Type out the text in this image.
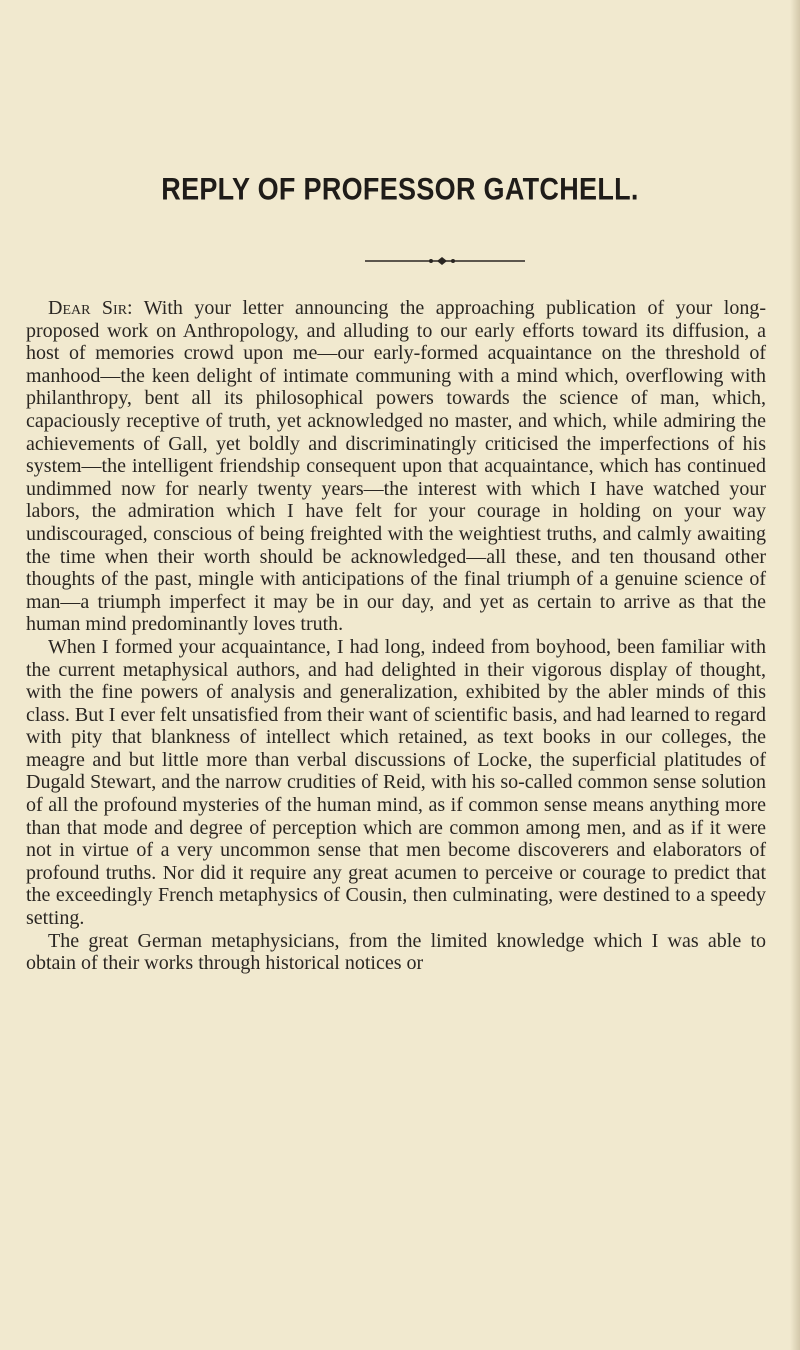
REPLY OF PROFESSOR GATCHELL.

Dear Sir: With your letter announcing the approaching publication of your long-proposed work on Anthropology, and alluding to our early efforts toward its diffusion, a host of memories crowd upon me—our early-formed acquaintance on the threshold of manhood—the keen delight of intimate communing with a mind which, overflowing with philanthropy, bent all its philosophical powers towards the science of man, which, capaciously receptive of truth, yet acknowledged no master, and which, while admiring the achievements of Gall, yet boldly and discriminatingly criticised the imperfections of his system—the intelligent friendship consequent upon that acquaintance, which has continued undimmed now for nearly twenty years—the interest with which I have watched your labors, the admiration which I have felt for your courage in holding on your way undiscouraged, conscious of being freighted with the weightiest truths, and calmly awaiting the time when their worth should be acknowledged—all these, and ten thousand other thoughts of the past, mingle with anticipations of the final triumph of a genuine science of man—a triumph imperfect it may be in our day, and yet as certain to arrive as that the human mind predominantly loves truth.

When I formed your acquaintance, I had long, indeed from boyhood, been familiar with the current metaphysical authors, and had delighted in their vigorous display of thought, with the fine powers of analysis and generalization, exhibited by the abler minds of this class. But I ever felt unsatisfied from their want of scientific basis, and had learned to regard with pity that blankness of intellect which retained, as text books in our colleges, the meagre and but little more than verbal discussions of Locke, the superficial platitudes of Dugald Stewart, and the narrow crudities of Reid, with his so-called common sense solution of all the profound mysteries of the human mind, as if common sense means anything more than that mode and degree of perception which are common among men, and as if it were not in virtue of a very uncommon sense that men become discoverers and elaborators of profound truths. Nor did it require any great acumen to perceive or courage to predict that the exceedingly French metaphysics of Cousin, then culminating, were destined to a speedy setting.

The great German metaphysicians, from the limited knowledge which I was able to obtain of their works through historical notices or
